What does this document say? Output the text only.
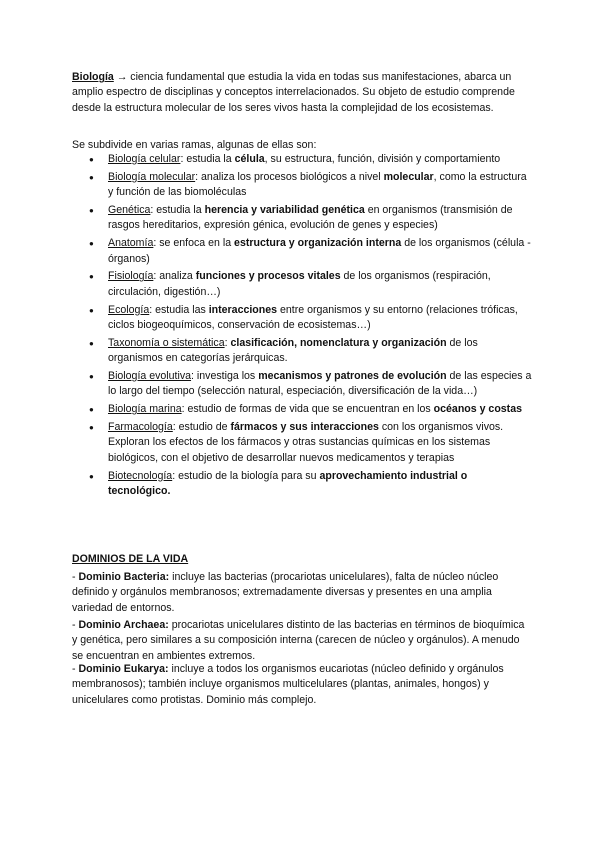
Biología → ciencia fundamental que estudia la vida en todas sus manifestaciones, abarca un amplio espectro de disciplinas y conceptos interrelacionados. Su objeto de estudio comprende desde la estructura molecular de los seres vivos hasta la complejidad de los ecosistemas.

Se subdivide en varias ramas, algunas de ellas son:
● Biología celular: estudia la célula, su estructura, función, división y comportamiento
● Biología molecular: analiza los procesos biológicos a nivel molecular, como la estructura y función de las biomoléculas
● Genética: estudia la herencia y variabilidad genética en organismos (transmisión de rasgos hereditarios, expresión génica, evolución de genes y especies)
● Anatomía: se enfoca en la estructura y organización interna de los organismos (célula - órganos)
● Fisiología: analiza funciones y procesos vitales de los organismos (respiración, circulación, digestión…)
● Ecología: estudia las interacciones entre organismos y su entorno (relaciones tróficas, ciclos biogeoquímicos, conservación de ecosistemas…)
● Taxonomía o sistemática: clasificación, nomenclatura y organización de los organismos en categorías jerárquicas.
● Biología evolutiva: investiga los mecanismos y patrones de evolución de las especies a lo largo del tiempo (selección natural, especiación, diversificación de la vida…)
● Biología marina: estudio de formas de vida que se encuentran en los océanos y costas
● Farmacología: estudio de fármacos y sus interacciones con los organismos vivos. Exploran los efectos de los fármacos y otras sustancias químicas en los sistemas biológicos, con el objetivo de desarrollar nuevos medicamentos y terapias
● Biotecnología: estudio de la biología para su aprovechamiento industrial o tecnológico.
DOMINIOS DE LA VIDA

- Dominio Bacteria: incluye las bacterias (procariotas unicelulares), falta de núcleo núcleo definido y orgánulos membranosos; extremadamente diversas y presentes en una amplia variedad de entornos.

- Dominio Archaea: procariotas unicelulares distinto de las bacterias en términos de bioquímica y genética, pero similares a su composición interna (carecen de núcleo y orgánulos). A menudo se encuentran en ambientes extremos.

- Dominio Eukarya: incluye a todos los organismos eucariotas (núcleo definido y orgánulos membranosos); también incluye organismos multicelulares (plantas, animales, hongos) y unicelulares como protistas. Dominio más complejo.
